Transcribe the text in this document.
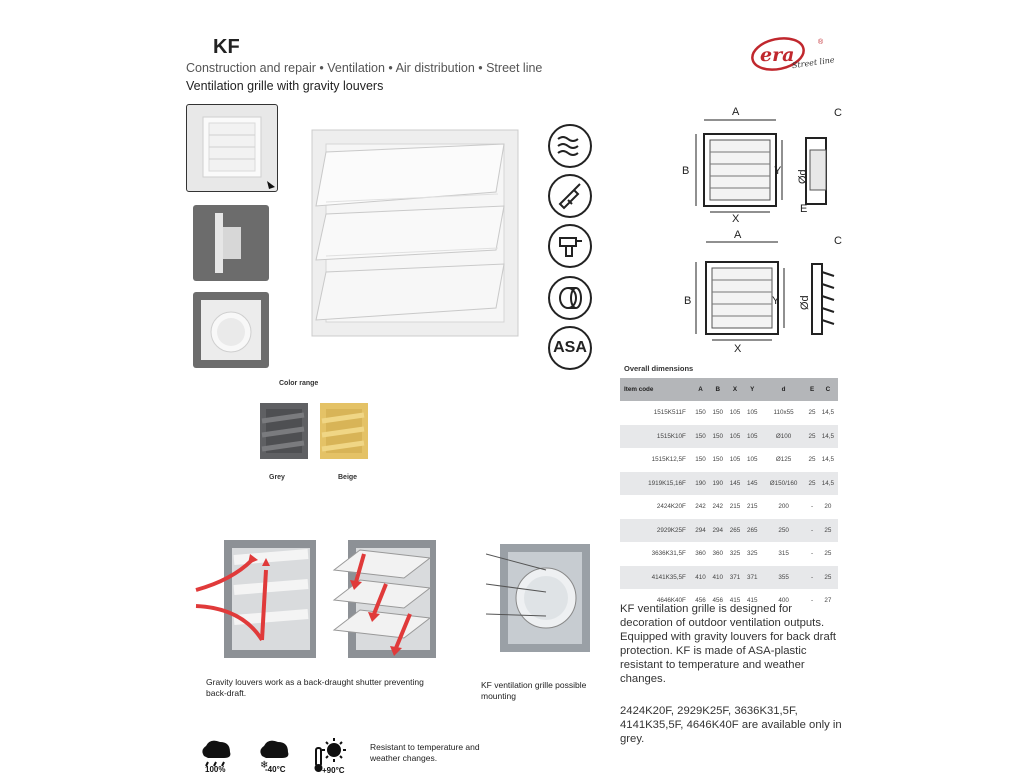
KF
Construction and repair • Ventilation • Air distribution • Street line
Ventilation grille with gravity louvers
era
®
Street line
ASA
A
B	Y
X
Ød
E
C
A
B	Y
X
Ød
C
Color range
Grey	Beige
Overall dimensions
Item code	A	B	X	Y	d	E	C
1515K511F	150	150	105	105	110x55	25	14,5
1515K10F	150	150	105	105	Ø100	25	14,5
1515K12,5F	150	150	105	105	Ø125	25	14,5
1919K15,16F	190	190	145	145	Ø150/160	25	14,5
2424K20F	242	242	215	215	200	-	20
2929K25F	294	294	265	265	250	-	25
3636K31,5F	360	360	325	325	315	-	25
4141K35,5F	410	410	371	371	355	-	25
4646K40F	456	456	415	415	400	-	27
Gravity louvers work as a back-draught shutter preventing back-draft.
KF ventilation grille possible mounting
KF ventilation grille is designed for decoration of outdoor ventilation outputs. Equipped with gravity louvers for back draft protection. KF is made of ASA-plastic resistant to temperature and weather changes.
2424K20F, 2929K25F, 3636K31,5F, 4141K35,5F, 4646K40F are available only in grey.
❄
100%	-40°C	+90°C
Resistant to temperature and weather changes.
